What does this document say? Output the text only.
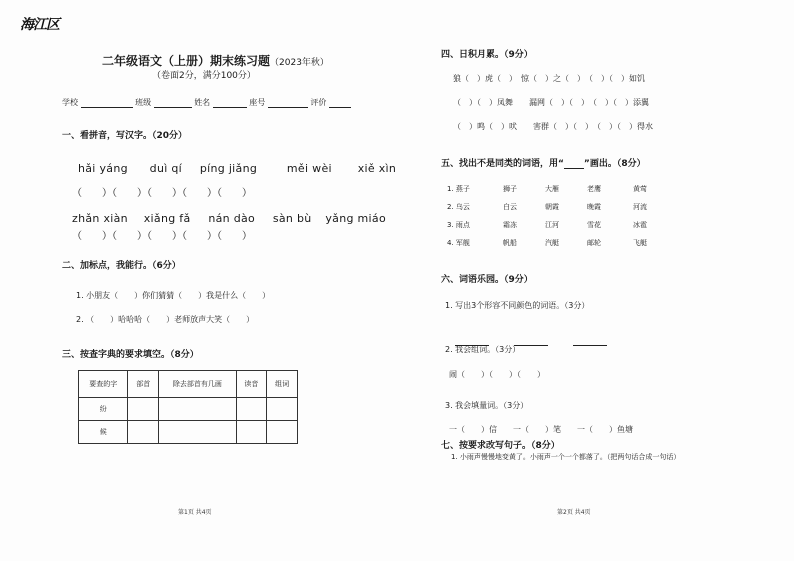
海江区
二年级语文（上册）期末练习题（2023年秋）
（卷面2分，满分100分）
学校	班级	姓名	座号	评价
一、看拼音，写汉字。（20分）
hǎi yáng duì qí píng jiǎng	měi wèi xiě xìn
（　　）（　　）（　　）（　　）（　　）
zhǎn xiàn xiǎng fǎ nán dào sàn bù yǎng miáo
（　　）（　　）（　　）（　　）（　　）
二、加标点，我能行。（6分）
1. 小朋友（　　）你们猜猜（　　）我是什么（　　）
2. （　　）哈哈哈（　　）老师放声大笑（　　）
三、按查字典的要求填空。（8分）
要查的字	部首	除去部首有几画	读音	组词
纷				
候				
第1页 共4页
四、日积月累。（9分）
狼（　）虎（　）　惊（　）之（　）　（　）（　）如饥
（　）（　）凤舞　　漏网（　）（　）　（　）（　）添翼
（　）鸣（　）吠　　害群（　）（　）　（　）（　）得水
五、找出不是同类的词语，用“ ”画出。（8分）
1. 燕子	狮子	大雁	老鹰	黄莺
2. 乌云	白云	朝霞	晚霞	河流
3. 雨点	霜冻	江河	雪花	冰雹
4. 军舰	帆船	汽艇	邮轮	飞艇
六、词语乐园。（9分）
1. 写出3个形容不同颜色的词语。（3分）

2. 我会组词。（3分）
闹（　　）（　　）（　　）
3. 我会填量词。（3分）
一（　　）信　　一（　　）笔　　一（　　）鱼塘
七、按要求改写句子。（8分）
1. 小雨声慢慢地变黄了。小雨声一个一个都落了。（把两句话合成一句话）
第2页 共4页
